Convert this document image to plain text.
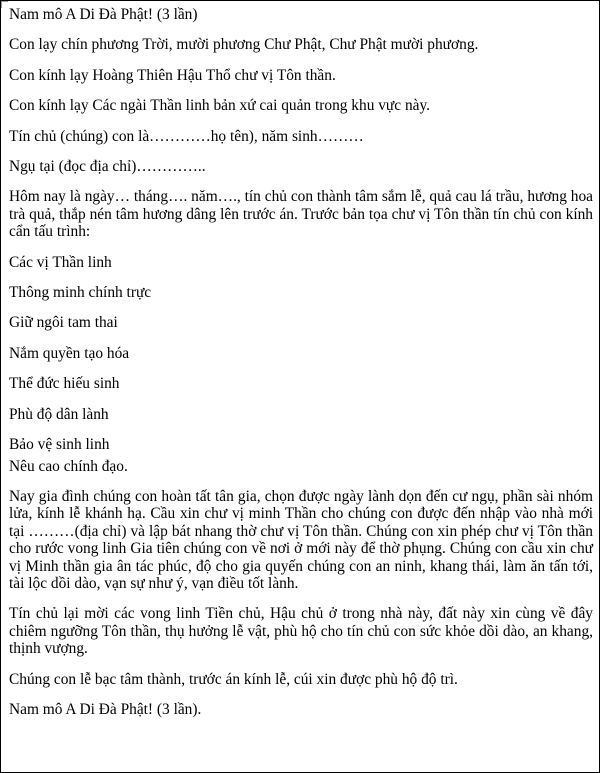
Nam mô A Di Đà Phật! (3 lần)

Con lạy chín phương Trời, mười phương Chư Phật, Chư Phật mười phương.

Con kính lạy Hoàng Thiên Hậu Thổ chư vị Tôn thần.

Con kính lạy Các ngài Thần linh bản xứ cai quản trong khu vực này.

Tín chủ (chúng) con là…………họ tên), năm sinh………

Ngụ tại (đọc địa chỉ)…………..

Hôm nay là ngày… tháng…. năm…., tín chủ con thành tâm sắm lễ, quả cau lá trầu, hương hoa trà quả, thắp nén tâm hương dâng lên trước án. Trước bản tọa chư vị Tôn thần tín chủ con kính cẩn tấu trình:

Các vị Thần linh

Thông minh chính trực

Giữ ngôi tam thai

Nắm quyền tạo hóa

Thể đức hiếu sinh

Phù độ dân lành

Bảo vệ sinh linh

Nêu cao chính đạo.

Nay gia đình chúng con hoàn tất tân gia, chọn được ngày lành dọn đến cư ngụ, phần sài nhóm lửa, kính lễ khánh hạ. Cầu xin chư vị minh Thần cho chúng con được đến nhập vào nhà mới tại ………(địa chỉ) và lập bát nhang thờ chư vị Tôn thần. Chúng con xin phép chư vị Tôn thần cho rước vong linh Gia tiên chúng con về nơi ở mới này để thờ phụng. Chúng con cầu xin chư vị Minh thần gia ân tác phúc, độ cho gia quyến chúng con an ninh, khang thái, làm ăn tấn tới, tài lộc dồi dào, vạn sự như ý, vạn điều tốt lành.

Tín chủ lại mời các vong linh Tiền chủ, Hậu chủ ở trong nhà này, đất này xin cùng về đây chiêm ngưỡng Tôn thần, thụ hưởng lễ vật, phù hộ cho tín chủ con sức khỏe dồi dào, an khang, thịnh vượng.

Chúng con lễ bạc tâm thành, trước án kính lễ, cúi xin được phù hộ độ trì.

Nam mô A Di Đà Phật! (3 lần).
